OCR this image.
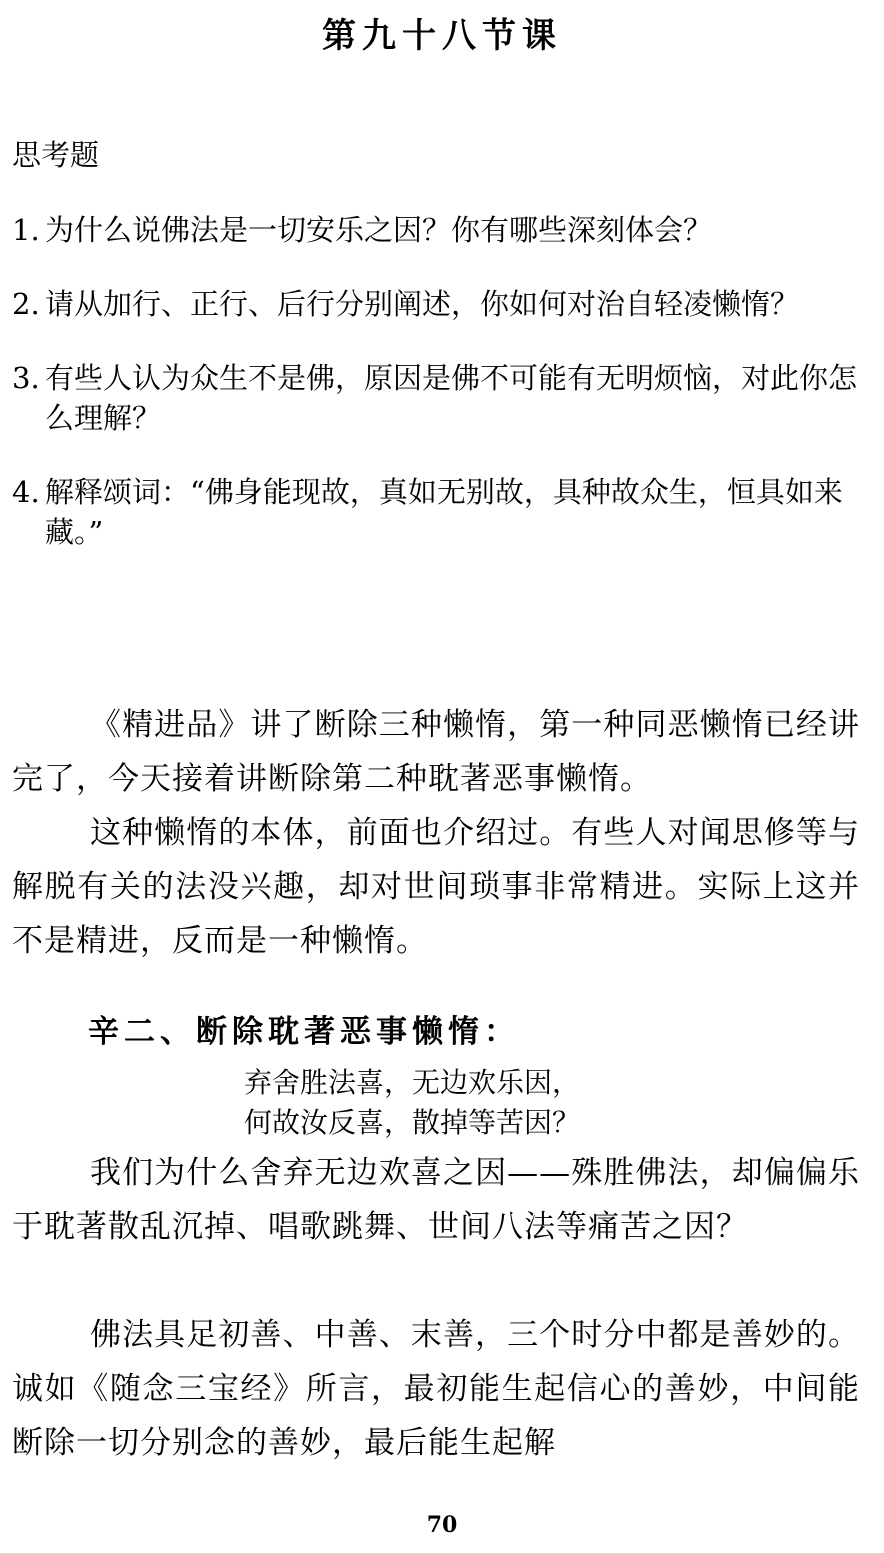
第九十八节课
思考题
1. 为什么说佛法是一切安乐之因？你有哪些深刻体会？
2. 请从加行、正行、后行分别阐述，你如何对治自轻凌懒惰？
3. 有些人认为众生不是佛，原因是佛不可能有无明烦恼，对此你怎么理解？
4. 解释颂词：“佛身能现故，真如无别故，具种故众生，恒具如来藏。”
《精进品》讲了断除三种懒惰，第一种同恶懒惰已经讲完了，今天接着讲断除第二种耽著恶事懒惰。
这种懒惰的本体，前面也介绍过。有些人对闻思修等与解脱有关的法没兴趣，却对世间琐事非常精进。实际上这并不是精进，反而是一种懒惰。
辛二、断除耽著恶事懒惰：
弃舍胜法喜，无边欢乐因，
何故汝反喜，散掉等苦因？
我们为什么舍弃无边欢喜之因——殊胜佛法，却偏偏乐于耽著散乱沉掉、唱歌跳舞、世间八法等痛苦之因？
佛法具足初善、中善、末善，三个时分中都是善妙的。诚如《随念三宝经》所言，最初能生起信心的善妙，中间能断除一切分别念的善妙，最后能生起解
70
